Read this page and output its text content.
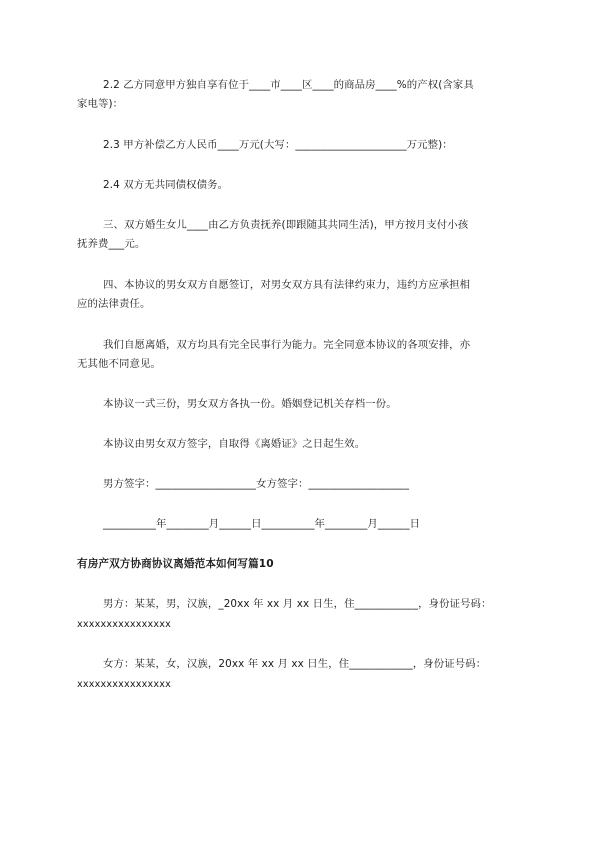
2.2 乙方同意甲方独自享有位于____市____区____的商品房____%的产权(含家具
家电等)：
2.3 甲方补偿乙方人民币____万元(大写：_____________________万元整)：
2.4 双方无共同债权债务。
三、双方婚生女儿____由乙方负责抚养(即跟随其共同生活)，甲方按月支付小孩
抚养费___元。
四、本协议的男女双方自愿签订，对男女双方具有法律约束力，违约方应承担相
应的法律责任。
我们自愿离婚，双方均具有完全民事行为能力。完全同意本协议的各项安排，亦
无其他不同意见。
本协议一式三份，男女双方各执一份。婚姻登记机关存档一份。
本协议由男女双方签字，自取得《离婚证》之日起生效。
男方签字：___________________女方签字：___________________
__________年________月______日__________年________月______日
有房产双方协商协议离婚范本如何写篇10
男方：某某，男，汉族，_20xx 年 xx 月 xx 日生，住____________，身份证号码：
xxxxxxxxxxxxxxxx
女方：某某，女，汉族，20xx 年 xx 月 xx 日生，住____________，身份证号码：
xxxxxxxxxxxxxxxx
